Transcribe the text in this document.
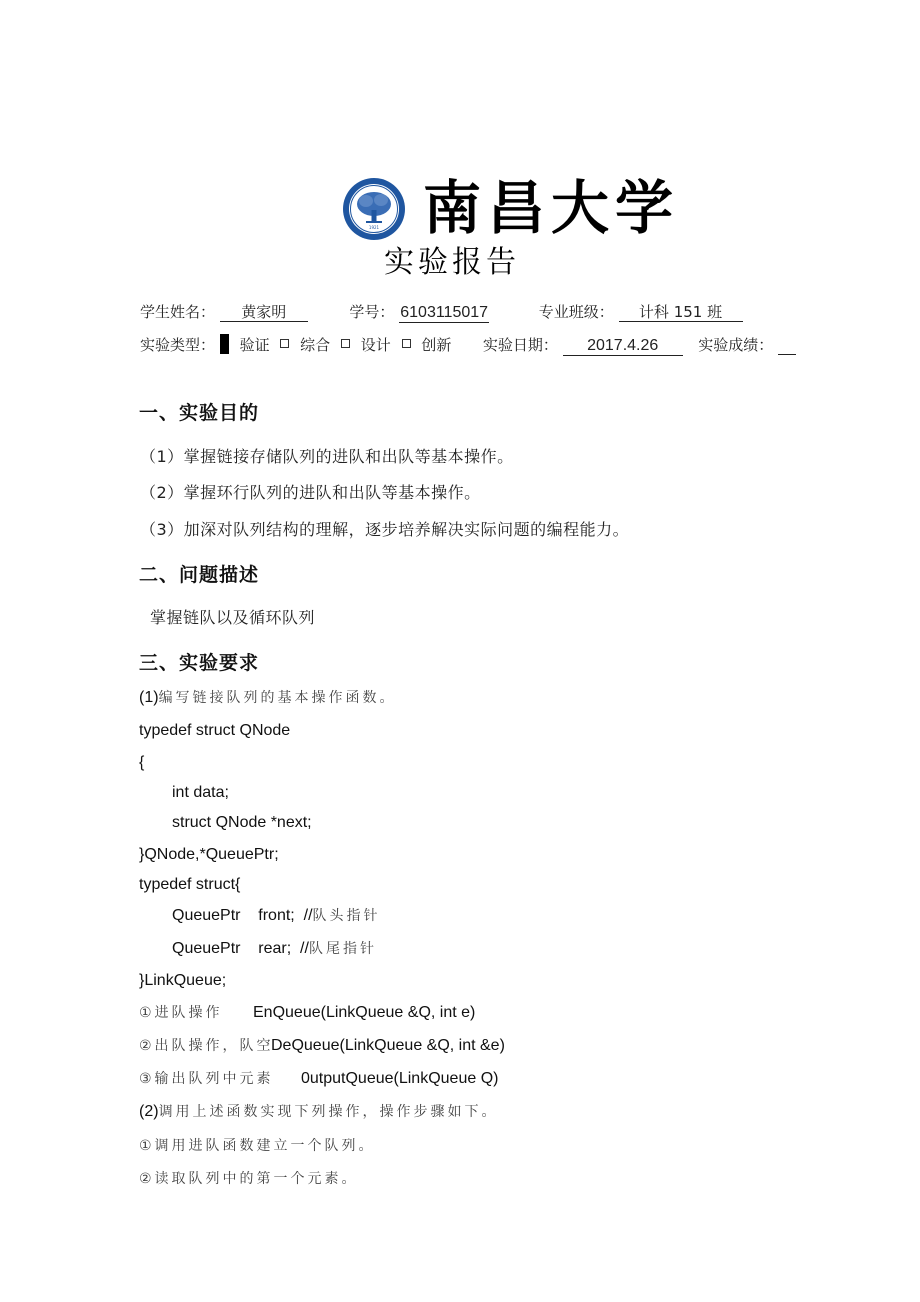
1921 南昌大学
实验报告
学生姓名： 黄家明	学号： 6103115017	专业班级： 计科 151 班
实验类型： 验证 综合 设计 创新 实验日期： 2017.4.26	实验成绩：
一、实验目的
（1）掌握链接存储队列的进队和出队等基本操作。
（2）掌握环行队列的进队和出队等基本操作。
（3）加深对队列结构的理解，逐步培养解决实际问题的编程能力。
二、问题描述
掌握链队以及循环队列
三、实验要求
(1)编写链接队列的基本操作函数。
typedef struct QNode
{
int data;
struct QNode *next;
}QNode,*QueuePtr;
typedef struct{
QueuePtr    front;  //队头指针
QueuePtr    rear;  //队尾指针
}LinkQueue;
①进队操作 EnQueue(LinkQueue &Q, int e)
②出队操作，队空DeQueue(LinkQueue &Q, int &e)
③输出队列中元素 0utputQueue(LinkQueue Q)
(2)调用上述函数实现下列操作，操作步骤如下。
①调用进队函数建立一个队列。
②读取队列中的第一个元素。
